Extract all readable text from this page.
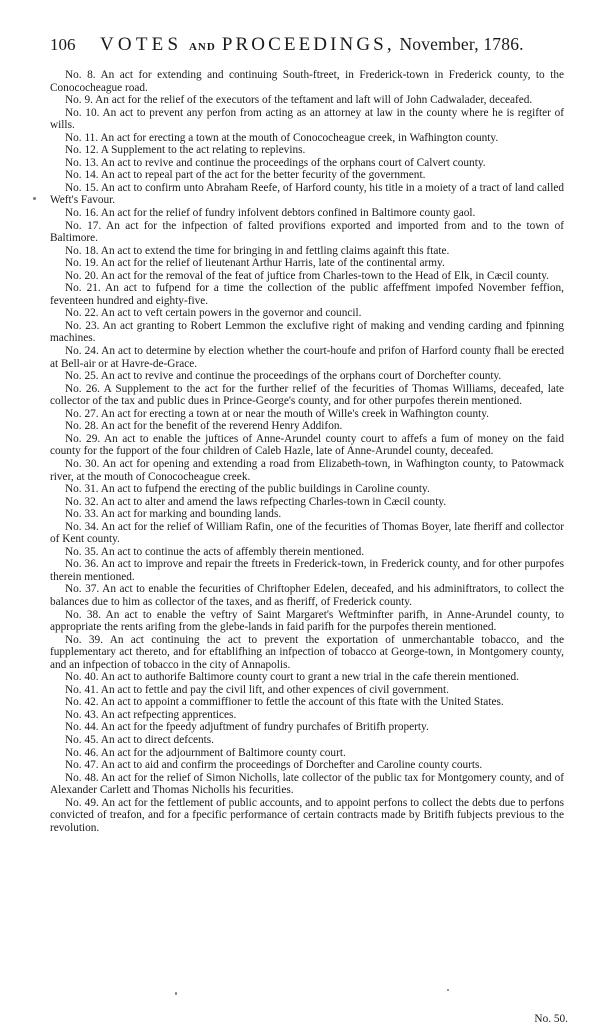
106 VOTES AND PROCEEDINGS, November, 1786.

No. 8. An act for extending and continuing South-ftreet, in Frederick-town in Frederick county, to the Conococheague road.

No. 9. An act for the relief of the executors of the teftament and laft will of John Cadwalader, deceafed.

No. 10. An act to prevent any perfon from acting as an attorney at law in the county where he is regifter of wills.

No. 11. An act for erecting a town at the mouth of Conococheague creek, in Wafhington county.

No. 12. A Supplement to the act relating to replevins.

No. 13. An act to revive and continue the proceedings of the orphans court of Calvert county.

No. 14. An act to repeal part of the act for the better fecurity of the government.

No. 15. An act to confirm unto Abraham Reefe, of Harford county, his title in a moiety of a tract of land called Weft's Favour.

No. 16. An act for the relief of fundry infolvent debtors confined in Baltimore county gaol.

No. 17. An act for the infpection of falted provifions exported and imported from and to the town of Baltimore.

No. 18. An act to extend the time for bringing in and fettling claims againft this ftate.

No. 19. An act for the relief of lieutenant Arthur Harris, late of the continental army.

No. 20. An act for the removal of the feat of juftice from Charles-town to the Head of Elk, in Cæcil county.

No. 21. An act to fufpend for a time the collection of the public affeffment impofed November feffion, feventeen hundred and eighty-five.

No. 22. An act to veft certain powers in the governor and council.

No. 23. An act granting to Robert Lemmon the exclufive right of making and vending carding and fpinning machines.

No. 24. An act to determine by election whether the court-houfe and prifon of Harford county fhall be erected at Bell-air or at Havre-de-Grace.

No. 25. An act to revive and continue the proceedings of the orphans court of Dorchefter county.

No. 26. A Supplement to the act for the further relief of the fecurities of Thomas Williams, deceafed, late collector of the tax and public dues in Prince-George's county, and for other purpofes therein mentioned.

No. 27. An act for erecting a town at or near the mouth of Wille's creek in Wafhington county.

No. 28. An act for the benefit of the reverend Henry Addifon.

No. 29. An act to enable the juftices of Anne-Arundel county court to affefs a fum of money on the faid county for the fupport of the four children of Caleb Hazle, late of Anne-Arundel county, deceafed.

No. 30. An act for opening and extending a road from Elizabeth-town, in Wafhington county, to Patowmack river, at the mouth of Conococheague creek.

No. 31. An act to fufpend the erecting of the public buildings in Caroline county.

No. 32. An act to alter and amend the laws refpecting Charles-town in Cæcil county.

No. 33. An act for marking and bounding lands.

No. 34. An act for the relief of William Rafin, one of the fecurities of Thomas Boyer, late fheriff and collector of Kent county.

No. 35. An act to continue the acts of affembly therein mentioned.

No. 36. An act to improve and repair the ftreets in Frederick-town, in Frederick county, and for other purpofes therein mentioned.

No. 37. An act to enable the fecurities of Chriftopher Edelen, deceafed, and his adminiftrators, to collect the balances due to him as collector of the taxes, and as fheriff, of Frederick county.

No. 38. An act to enable the veftry of Saint Margaret's Weftminfter parifh, in Anne-Arundel county, to appropriate the rents arifing from the glebe-lands in faid parifh for the purpofes therein mentioned.

No. 39. An act continuing the act to prevent the exportation of unmerchantable tobacco, and the fupplementary act thereto, and for eftablifhing an infpection of tobacco at George-town, in Montgomery county, and an infpection of tobacco in the city of Annapolis.

No. 40. An act to authorife Baltimore county court to grant a new trial in the cafe therein mentioned.

No. 41. An act to fettle and pay the civil lift, and other expences of civil government.

No. 42. An act to appoint a commiffioner to fettle the account of this ftate with the United States.

No. 43. An act refpecting apprentices.

No. 44. An act for the fpeedy adjuftment of fundry purchafes of Britifh property.

No. 45. An act to direct defcents.

No. 46. An act for the adjournment of Baltimore county court.

No. 47. An act to aid and confirm the proceedings of Dorchefter and Caroline county courts.

No. 48. An act for the relief of Simon Nicholls, late collector of the public tax for Montgomery county, and of Alexander Carlett and Thomas Nicholls his fecurities.

No. 49. An act for the fettlement of public accounts, and to appoint perfons to collect the debts due to perfons convicted of treafon, and for a fpecific performance of certain contracts made by Britifh fubjects previous to the revolution.

No. 50.
